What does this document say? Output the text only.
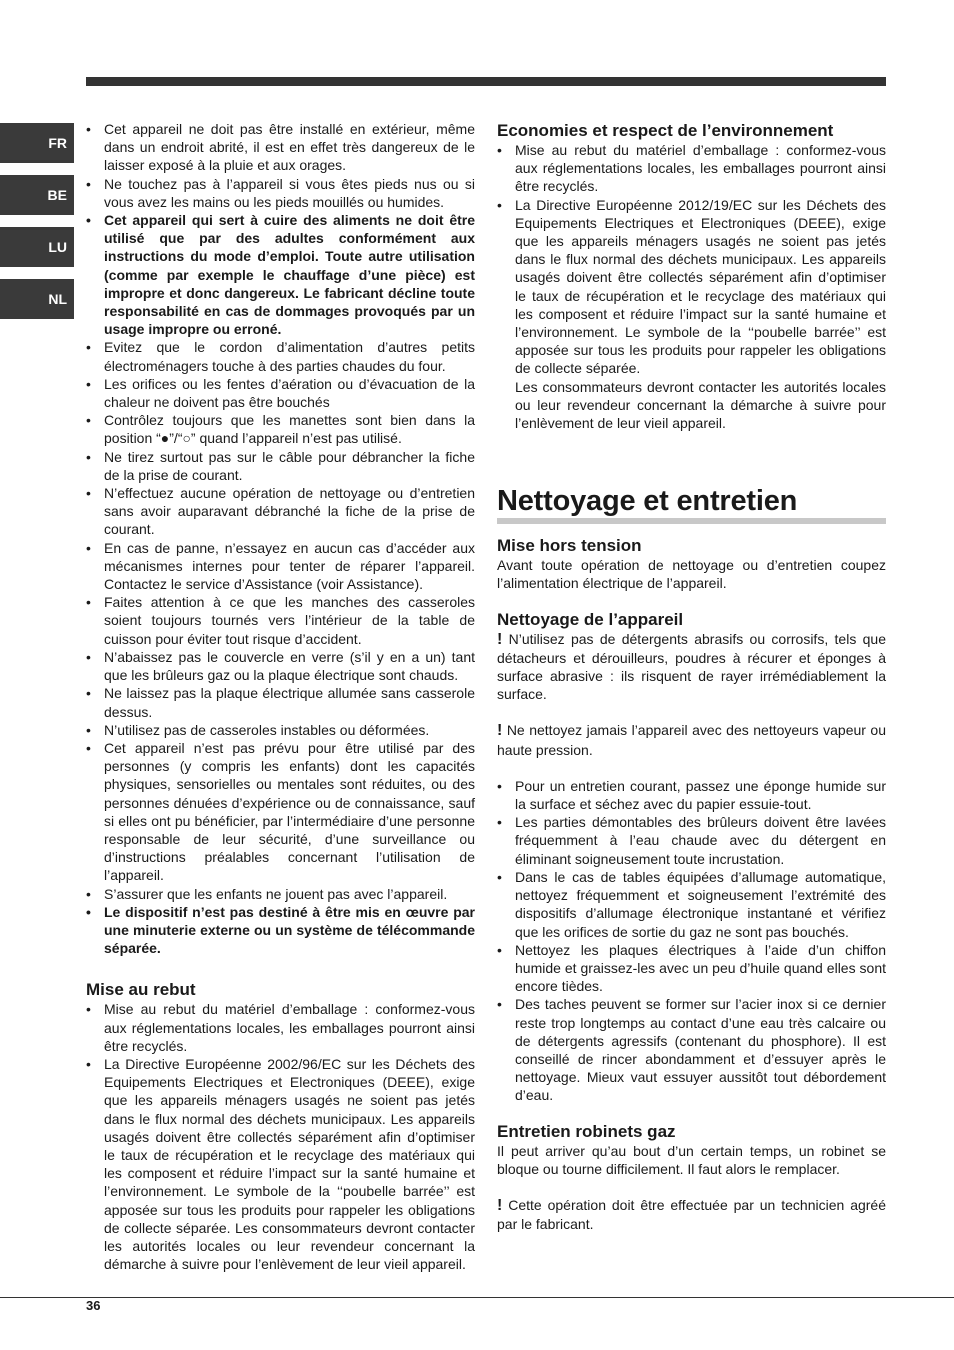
FR
BE
LU
NL
• Cet appareil ne doit pas être installé en extérieur, même dans un endroit abrité, il est en effet très dangereux de le laisser exposé à la pluie et aux orages.
• Ne touchez pas à l’appareil si vous êtes pieds nus ou si vous avez les mains ou les pieds mouillés ou humides.
• Cet appareil qui sert à cuire des aliments ne doit être utilisé que par des adultes conformément aux instructions du mode d’emploi. Toute autre utilisation (comme par exemple le chauffage d’une pièce) est impropre et donc dangereux. Le fabricant décline toute responsabilité en cas de dommages provoqués par un usage impropre ou erroné.
• Evitez que le cordon d’alimentation d’autres petits électroménagers touche à des parties chaudes du four.
• Les orifices ou les fentes d’aération ou d’évacuation de la chaleur ne doivent pas être bouchés
• Contrôlez toujours que les manettes sont bien dans la position “●”/“○” quand l’appareil n’est pas utilisé.
• Ne tirez surtout pas sur le câble pour débrancher la fiche de la prise de courant.
• N’effectuez aucune opération de nettoyage ou d’entretien sans avoir auparavant débranché la fiche de la prise de courant.
• En cas de panne, n’essayez en aucun cas d’accéder aux mécanismes internes pour tenter de réparer l’appareil. Contactez le service d’Assistance (voir Assistance).
• Faites attention à ce que les manches des casseroles soient toujours tournés vers l’intérieur de la table de cuisson pour éviter tout risque d’accident.
• N’abaissez pas le couvercle en verre (s’il y en a un) tant que les brûleurs gaz ou la plaque électrique sont chauds.
• Ne laissez pas la plaque électrique allumée sans casserole dessus.
• N’utilisez pas de casseroles instables ou déformées.
• Cet appareil n’est pas prévu pour être utilisé par des personnes (y compris les enfants) dont les capacités physiques, sensorielles ou mentales sont réduites, ou des personnes dénuées d’expérience ou de connaissance, sauf si elles ont pu bénéficier, par l’intermédiaire d’une personne responsable de leur sécurité, d’une surveillance ou d’instructions préalables concernant l’utilisation de l’appareil.
• S’assurer que les enfants ne jouent pas avec l’appareil.
• Le dispositif n’est pas destiné à être mis en œuvre par une minuterie externe ou un système de télécommande séparée.
Mise au rebut
• Mise au rebut du matériel d’emballage : conformez-vous aux réglementations locales, les emballages pourront ainsi être recyclés.
• La Directive Européenne 2002/96/EC sur les Déchets des Equipements Electriques et Electroniques (DEEE), exige que les appareils ménagers usagés ne soient pas jetés dans le flux normal des déchets municipaux. Les appareils usagés doivent être collectés séparément afin d’optimiser le taux de récupération et le recyclage des matériaux qui les composent et réduire l’impact sur la santé humaine et l’environnement. Le symbole de la ‘‘poubelle barrée’’ est apposée sur tous les produits pour rappeler les obligations de collecte séparée. Les consommateurs devront contacter les autorités locales ou leur revendeur concernant la démarche à suivre pour l’enlèvement de leur vieil appareil.
Economies et respect de l’environnement
• Mise au rebut du matériel d’emballage : conformez-vous aux réglementations locales, les emballages pourront ainsi être recyclés.
• La Directive Européenne 2012/19/EC sur les Déchets des Equipements Electriques et Electroniques (DEEE), exige que les appareils ménagers usagés ne soient pas jetés dans le flux normal des déchets municipaux. Les appareils usagés doivent être collectés séparément afin d’optimiser le taux de récupération et le recyclage des matériaux qui les composent et réduire l’impact sur la santé humaine et l’environnement. Le symbole de la ‘‘poubelle barrée’’ est apposée sur tous les produits pour rappeler les obligations de collecte séparée.
Les consommateurs devront contacter les autorités locales ou leur revendeur concernant la démarche à suivre pour l’enlèvement de leur vieil appareil.
Nettoyage et entretien
Mise hors tension

Avant toute opération de nettoyage ou d’entretien coupez l’alimentation électrique de l’appareil.

Nettoyage de l’appareil

! N’utilisez pas de détergents abrasifs ou corrosifs, tels que détacheurs et dérouilleurs, poudres à récurer et éponges à surface abrasive : ils risquent de rayer irrémédiablement la surface.

! Ne nettoyez jamais l’appareil avec des nettoyeurs vapeur ou haute pression.

• Pour un entretien courant, passez une éponge humide sur la surface et séchez avec du papier essuie-tout.
• Les parties démontables des brûleurs doivent être lavées fréquemment à l’eau chaude avec du détergent en éliminant soigneusement toute incrustation.
• Dans le cas de tables équipées d’allumage automatique, nettoyez fréquemment et soigneusement l’extrémité des dispositifs d’allumage électronique instantané et vérifiez que les orifices de sortie du gaz ne sont pas bouchés.
• Nettoyez les plaques électriques à l’aide d’un chiffon humide et graissez-les avec un peu d’huile quand elles sont encore tièdes.
• Des taches peuvent se former sur l’acier inox si ce dernier reste trop longtemps au contact d’une eau très calcaire ou de détergents agressifs (contenant du phosphore). Il est conseillé de rincer abondamment et d’essuyer après le nettoyage. Mieux vaut essuyer aussitôt tout débordement d’eau.
Entretien robinets gaz

Il peut arriver qu’au bout d’un certain temps, un robinet se bloque ou tourne difficilement. Il faut alors le remplacer.

! Cette opération doit être effectuée par un technicien agréé par le fabricant.

36
